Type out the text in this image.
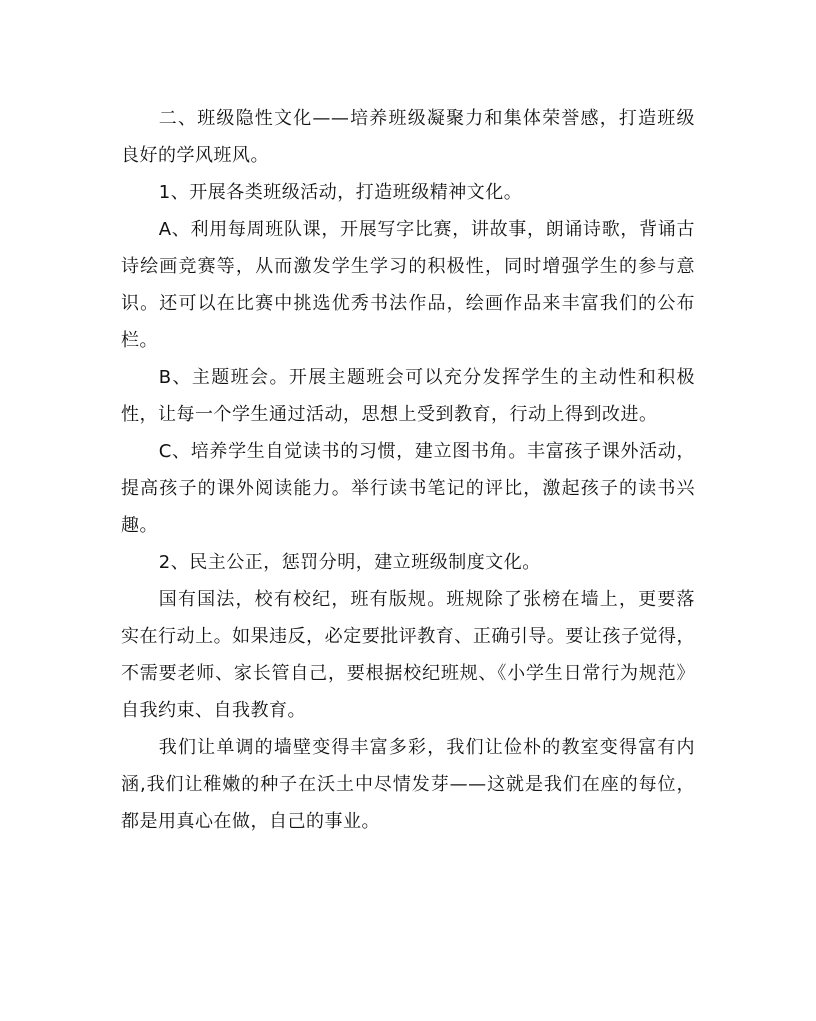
二、班级隐性文化——培养班级凝聚力和集体荣誉感，打造班级良好的学风班风。

1、开展各类班级活动，打造班级精神文化。

A、利用每周班队课，开展写字比赛，讲故事，朗诵诗歌，背诵古诗绘画竞赛等，从而激发学生学习的积极性，同时增强学生的参与意识。还可以在比赛中挑选优秀书法作品，绘画作品来丰富我们的公布栏。

B、主题班会。开展主题班会可以充分发挥学生的主动性和积极性，让每一个学生通过活动，思想上受到教育，行动上得到改进。

C、培养学生自觉读书的习惯，建立图书角。丰富孩子课外活动，提高孩子的课外阅读能力。举行读书笔记的评比，激起孩子的读书兴趣。

2、民主公正，惩罚分明，建立班级制度文化。

国有国法，校有校纪，班有版规。班规除了张榜在墙上，更要落实在行动上。如果违反，必定要批评教育、正确引导。要让孩子觉得，不需要老师、家长管自己，要根据校纪班规、《小学生日常行为规范》自我约束、自我教育。

我们让单调的墙壁变得丰富多彩，我们让俭朴的教室变得富有内涵,我们让稚嫩的种子在沃土中尽情发芽——这就是我们在座的每位，都是用真心在做，自己的事业。
